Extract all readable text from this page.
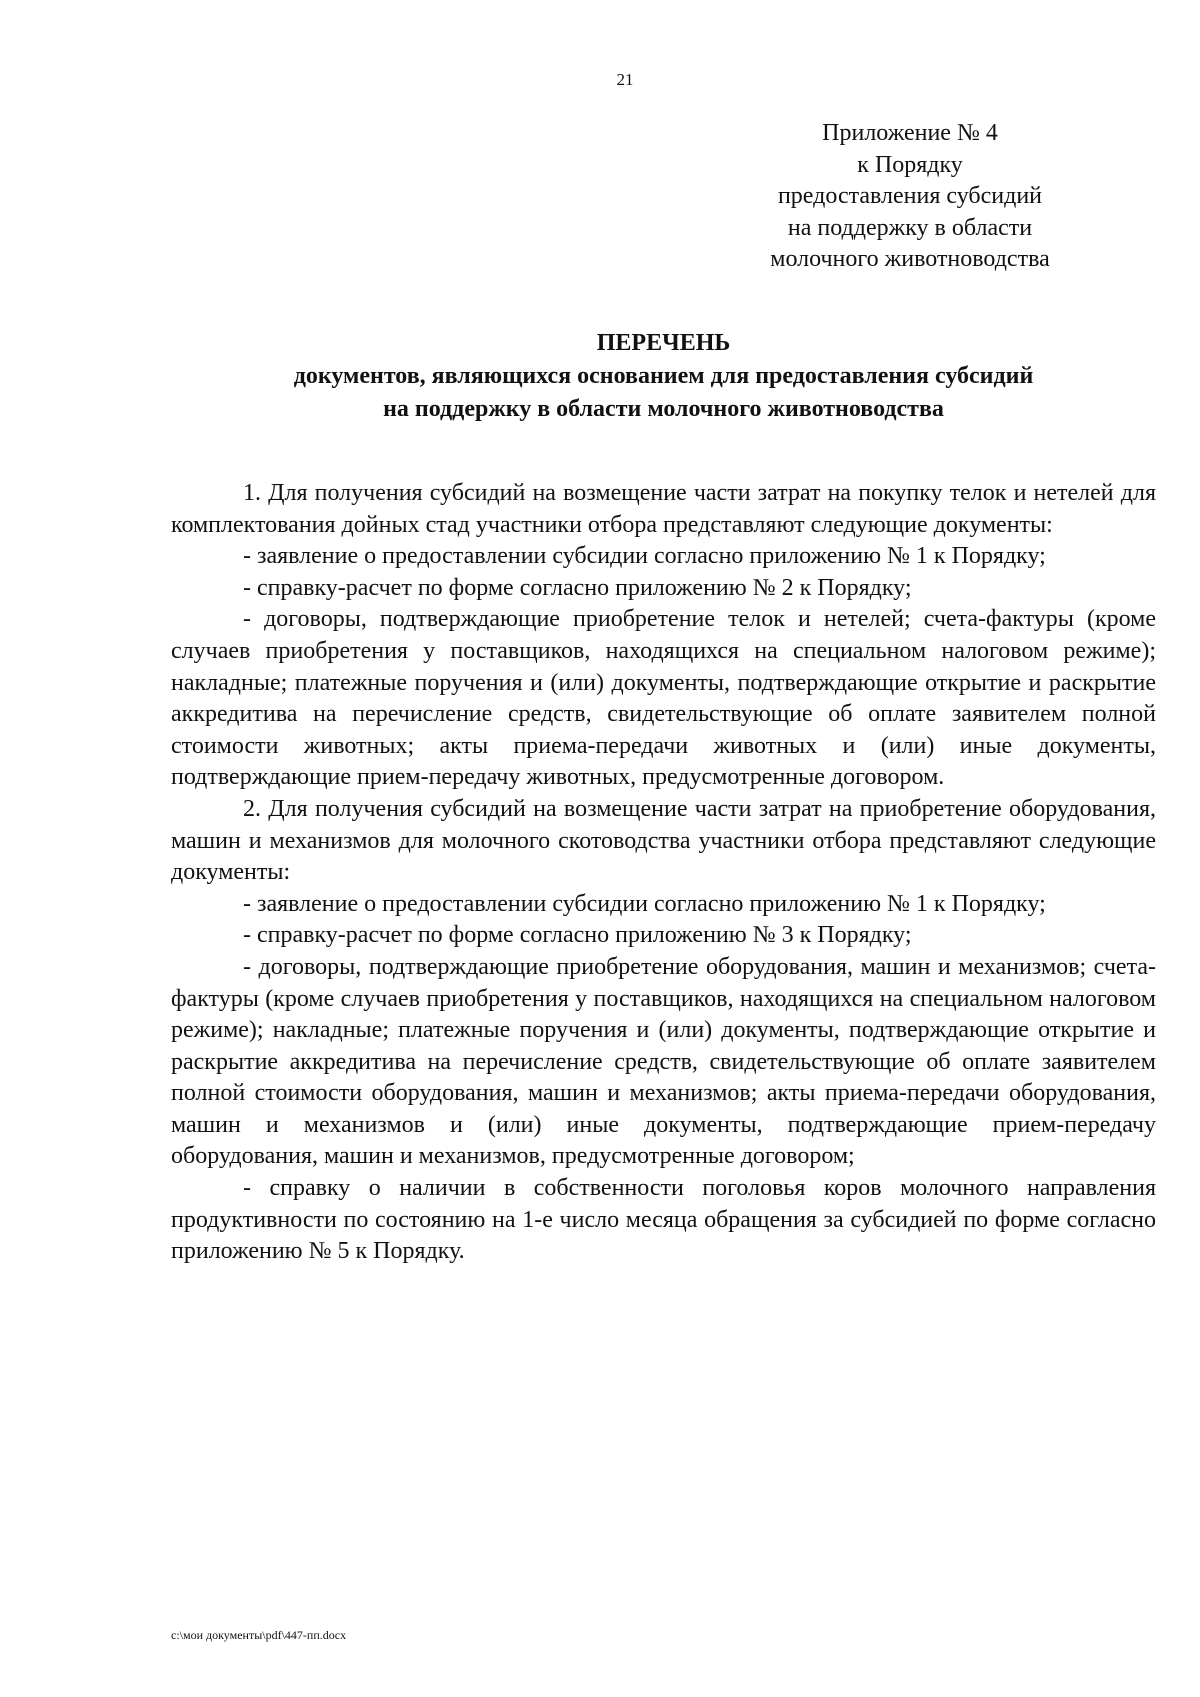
21
Приложение № 4
к Порядку
предоставления субсидий
на поддержку в области
молочного животноводства
ПЕРЕЧЕНЬ
документов, являющихся основанием для предоставления субсидий
на поддержку в области молочного животноводства

1. Для получения субсидий на возмещение части затрат на покупку телок и нетелей для комплектования дойных стад участники отбора представляют следующие документы:

- заявление о предоставлении субсидии согласно приложению № 1 к Порядку;

- справку-расчет по форме согласно приложению № 2 к Порядку;

- договоры, подтверждающие приобретение телок и нетелей; счета-фактуры (кроме случаев приобретения у поставщиков, находящихся на специальном налоговом режиме); накладные; платежные поручения и (или) документы, подтверждающие открытие и раскрытие аккредитива на перечисление средств, свидетельствующие об оплате заявителем полной стоимости животных; акты приема-передачи животных и (или) иные документы, подтверждающие прием-передачу животных, предусмотренные договором.

2. Для получения субсидий на возмещение части затрат на приобретение оборудования, машин и механизмов для молочного скотоводства участники отбора представляют следующие документы:

- заявление о предоставлении субсидии согласно приложению № 1 к Порядку;

- справку-расчет по форме согласно приложению № 3 к Порядку;

- договоры, подтверждающие приобретение оборудования, машин и механизмов; счета-фактуры (кроме случаев приобретения у поставщиков, находящихся на специальном налоговом режиме); накладные; платежные поручения и (или) документы, подтверждающие открытие и раскрытие аккредитива на перечисление средств, свидетельствующие об оплате заявителем полной стоимости оборудования, машин и механизмов; акты приема-передачи оборудования, машин и механизмов и (или) иные документы, подтверждающие прием-передачу оборудования, машин и механизмов, предусмотренные договором;

- справку о наличии в собственности поголовья коров молочного направления продуктивности по состоянию на 1-е число месяца обращения за субсидией по форме согласно приложению № 5 к Порядку.

c:\мои документы\pdf\447-пп.docx
